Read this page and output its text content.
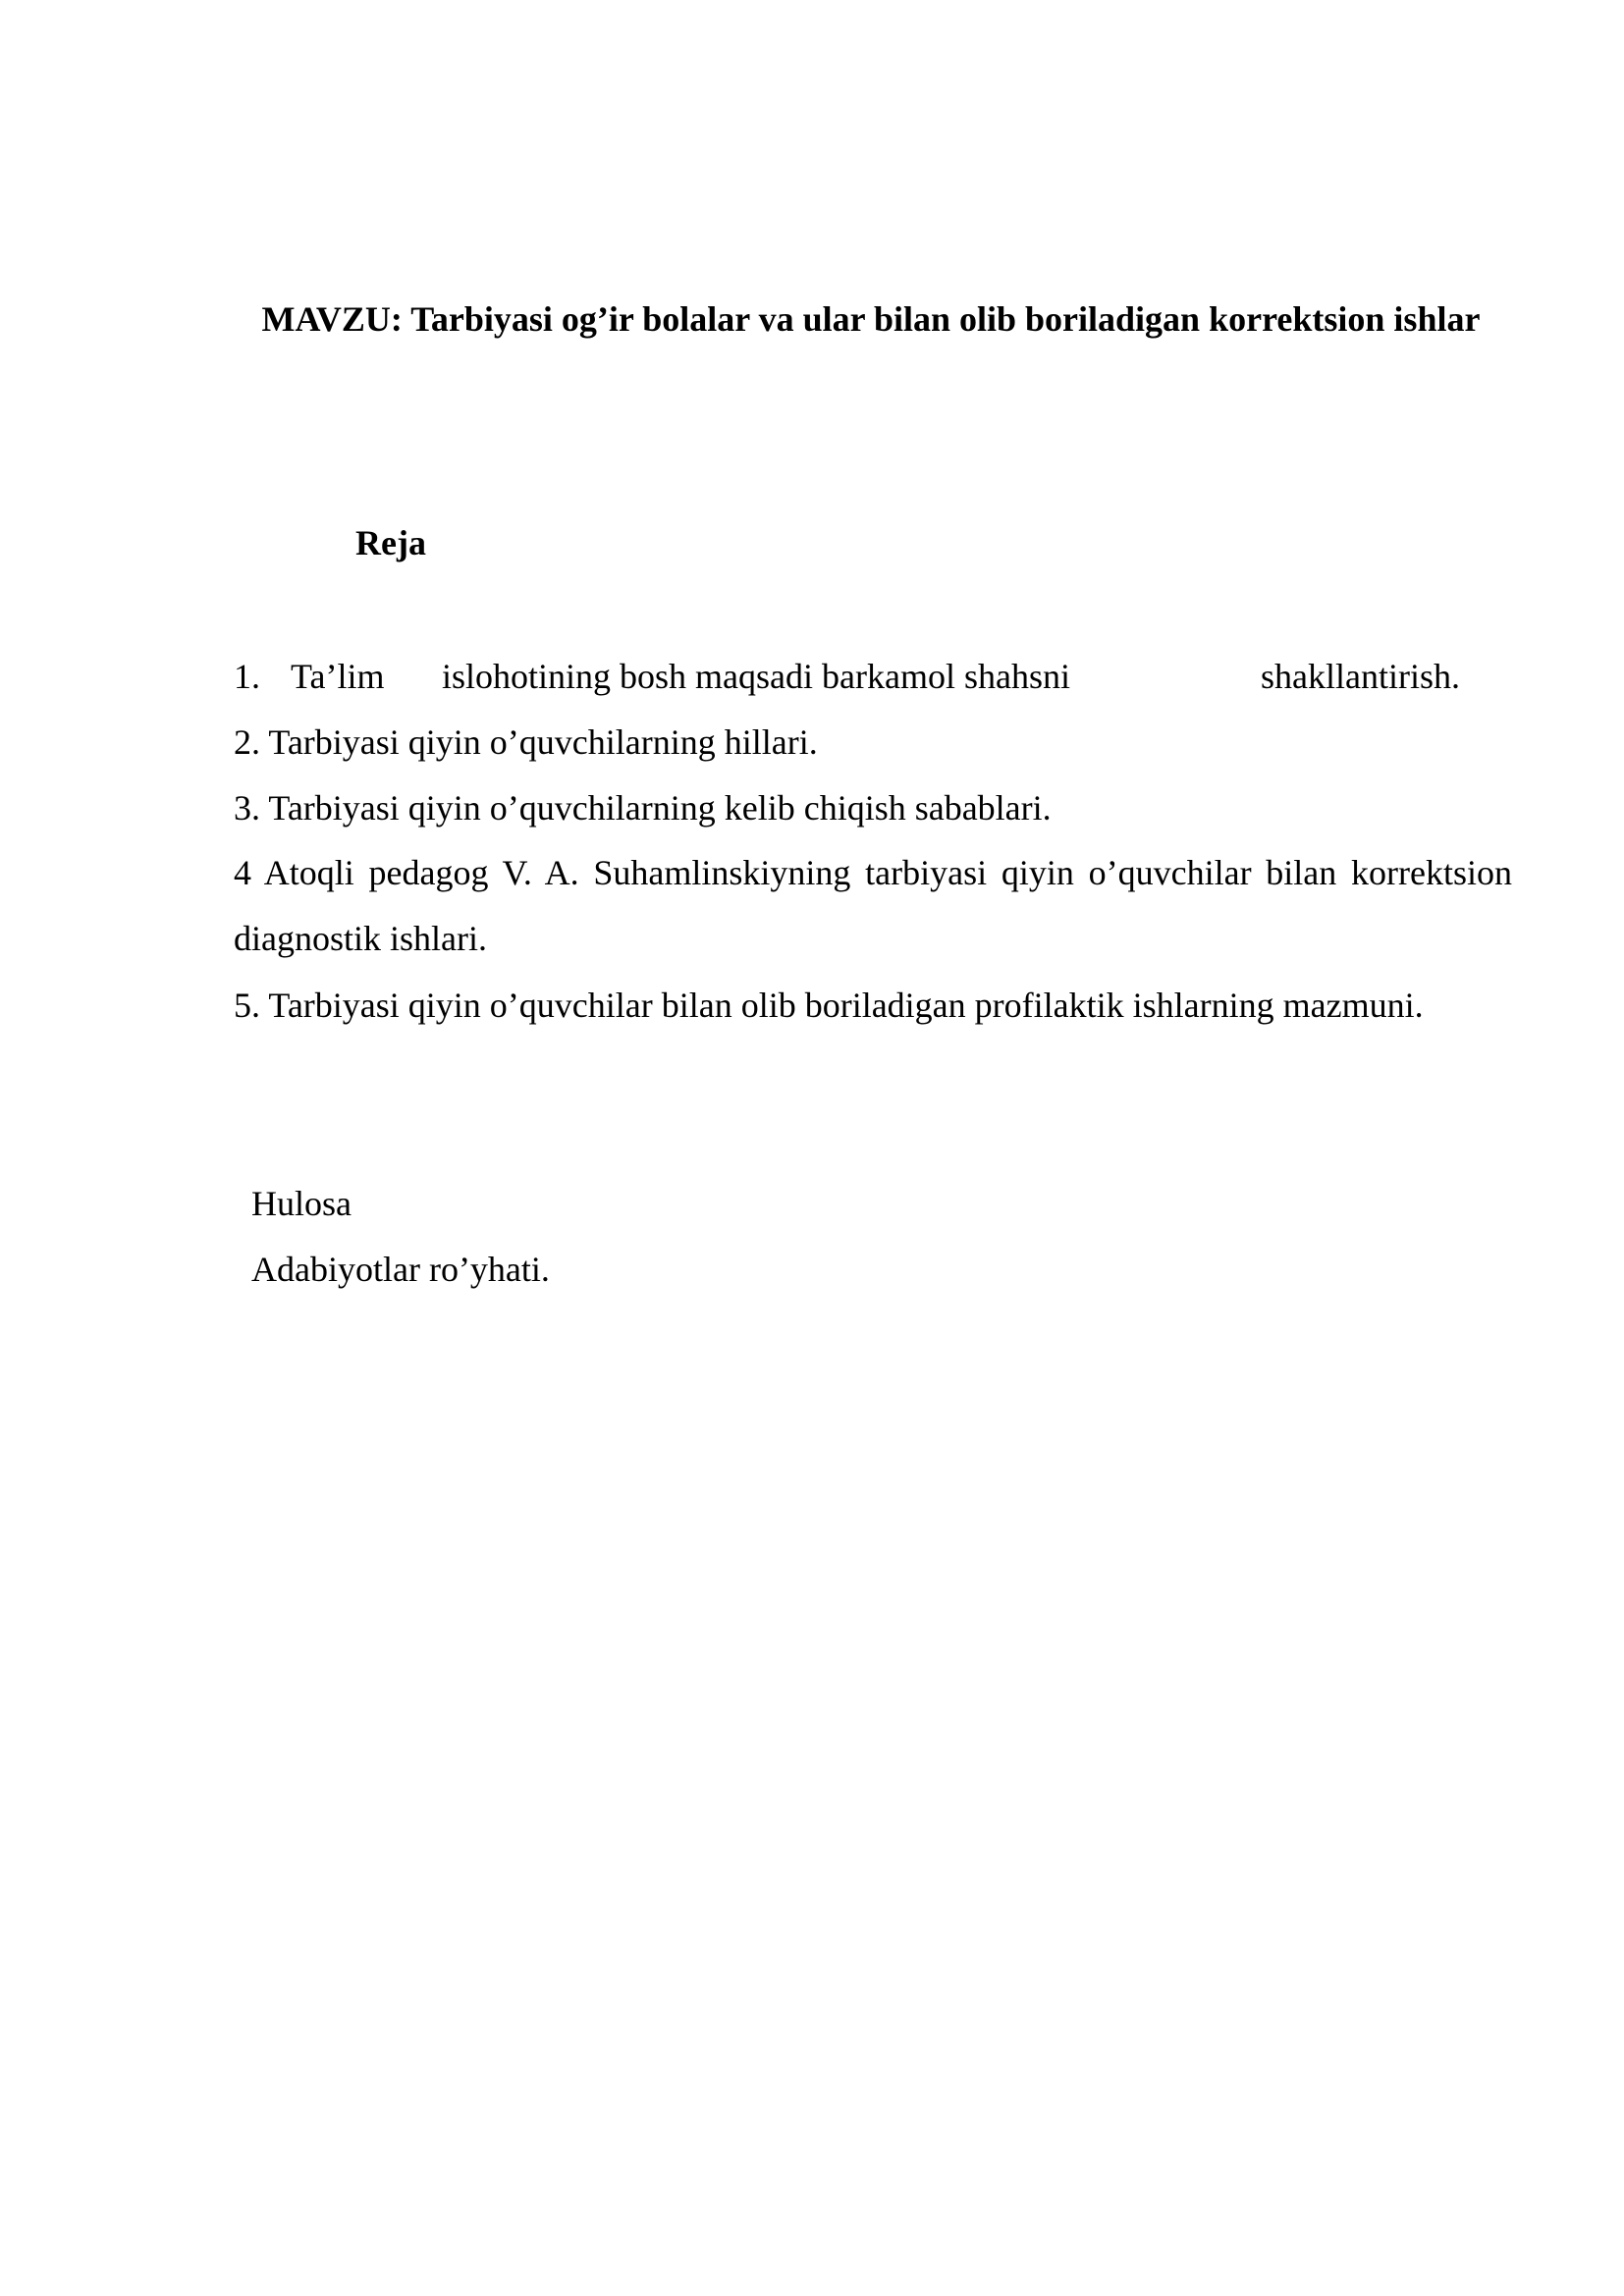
MAVZU: Tarbiyasi og’ir bolalar va ular bilan olib boriladigan korrektsion ishlar
Reja
1. Ta’lim islohotining bosh maqsadi barkamol shahsni	shakllantirish.
2. Tarbiyasi qiyin o’quvchilarning hillari.
3. Tarbiyasi qiyin o’quvchilarning kelib chiqish sabablari.
4 Atoqli pedagog V. A. Suhamlinskiyning tarbiyasi qiyin o’quvchilar bilan korrektsion diagnostik ishlari.
5. Tarbiyasi qiyin o’quvchilar bilan olib boriladigan profilaktik ishlarning mazmuni.
Hulosa
Adabiyotlar ro’yhati.
